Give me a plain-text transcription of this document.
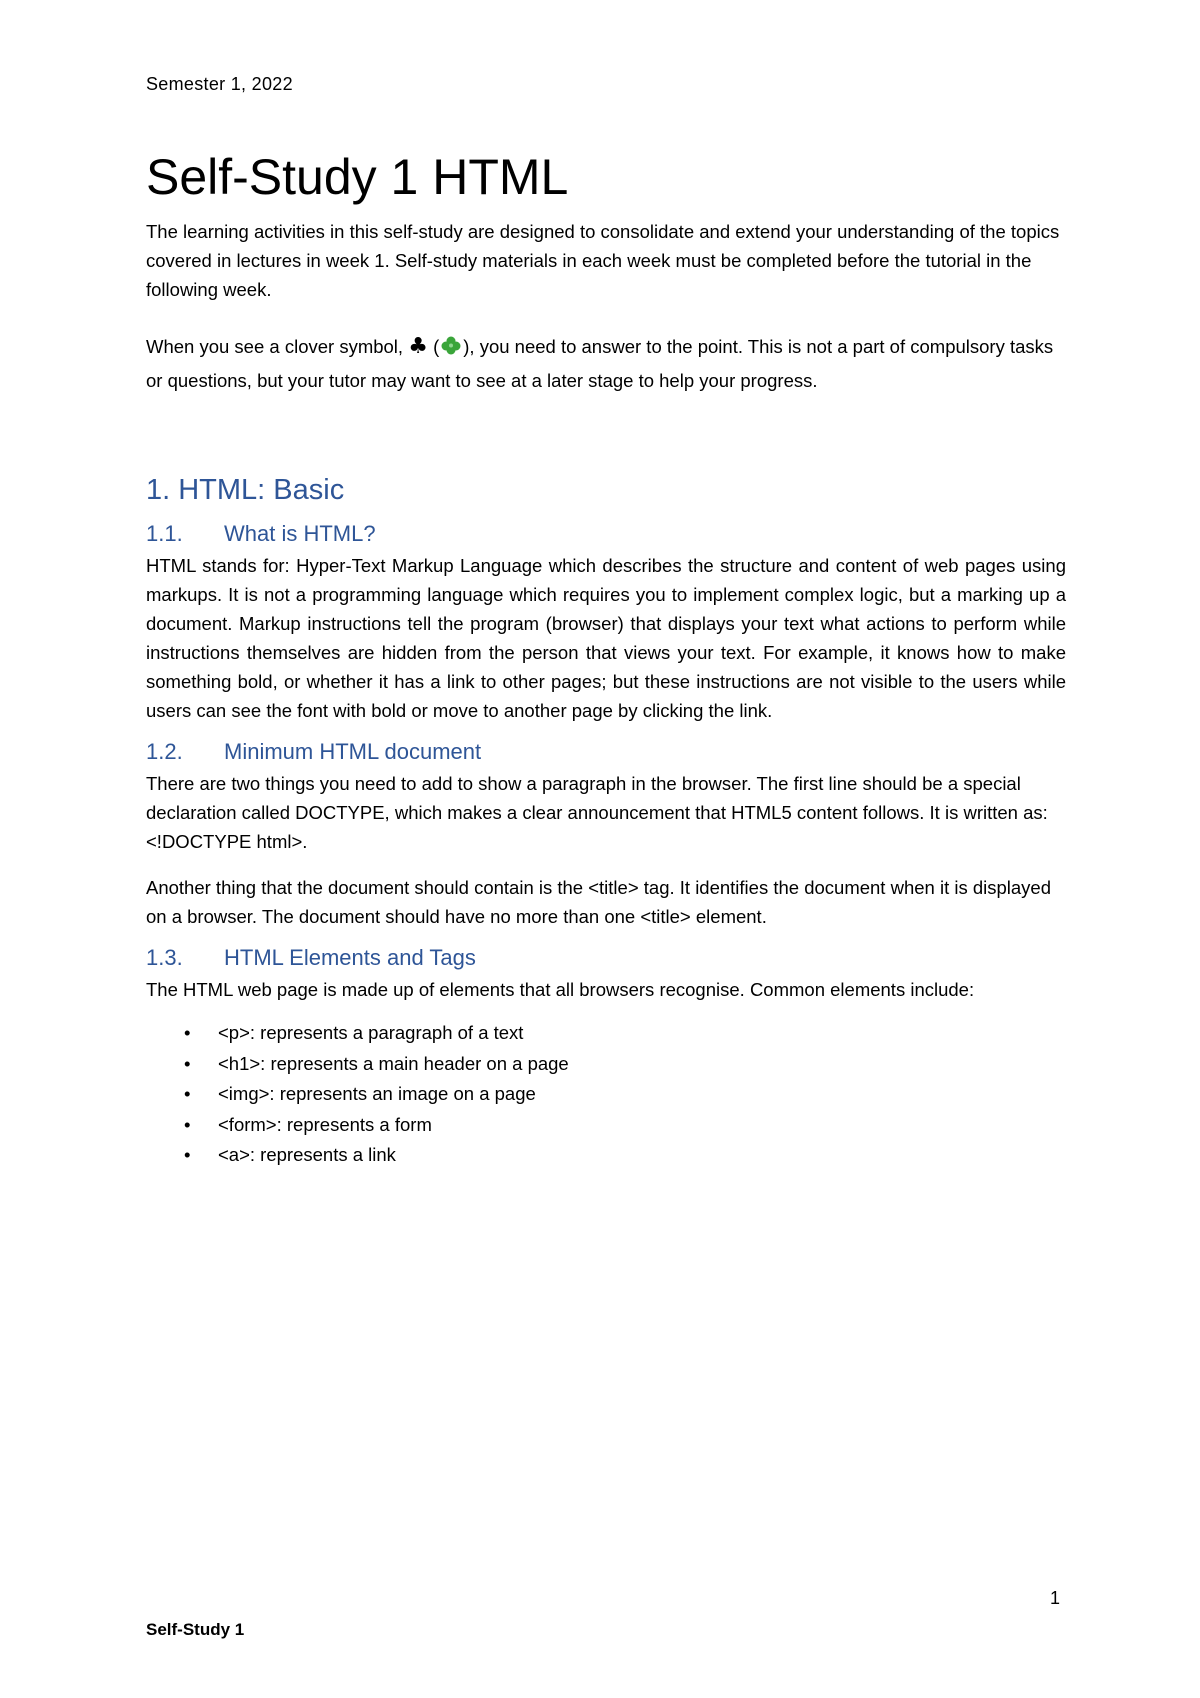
Semester 1, 2022
Self-Study 1 HTML

The learning activities in this self-study are designed to consolidate and extend your understanding of the topics covered in lectures in week 1. Self-study materials in each week must be completed before the tutorial in the following week.

When you see a clover symbol, ♣ ( ), you need to answer to the point. This is not a part of compulsory tasks or questions, but your tutor may want to see at a later stage to help your progress.

1. HTML: Basic
1.1.	What is HTML?

HTML stands for: Hyper-Text Markup Language which describes the structure and content of web pages using markups. It is not a programming language which requires you to implement complex logic, but a marking up a document. Markup instructions tell the program (browser) that displays your text what actions to perform while instructions themselves are hidden from the person that views your text. For example, it knows how to make something bold, or whether it has a link to other pages; but these instructions are not visible to the users while users can see the font with bold or move to another page by clicking the link.

1.2.	Minimum HTML document

There are two things you need to add to show a paragraph in the browser. The first line should be a special declaration called DOCTYPE, which makes a clear announcement that HTML5 content follows. It is written as: <!DOCTYPE html>.

Another thing that the document should contain is the <title> tag. It identifies the document when it is displayed on a browser. The document should have no more than one <title> element.

1.3.	HTML Elements and Tags

The HTML web page is made up of elements that all browsers recognise. Common elements include:

•	<p>: represents a paragraph of a text
•	<h1>: represents a main header on a page
•	<img>: represents an image on a page
•	<form>: represents a form
•	<a>: represents a link
1
Self-Study 1
